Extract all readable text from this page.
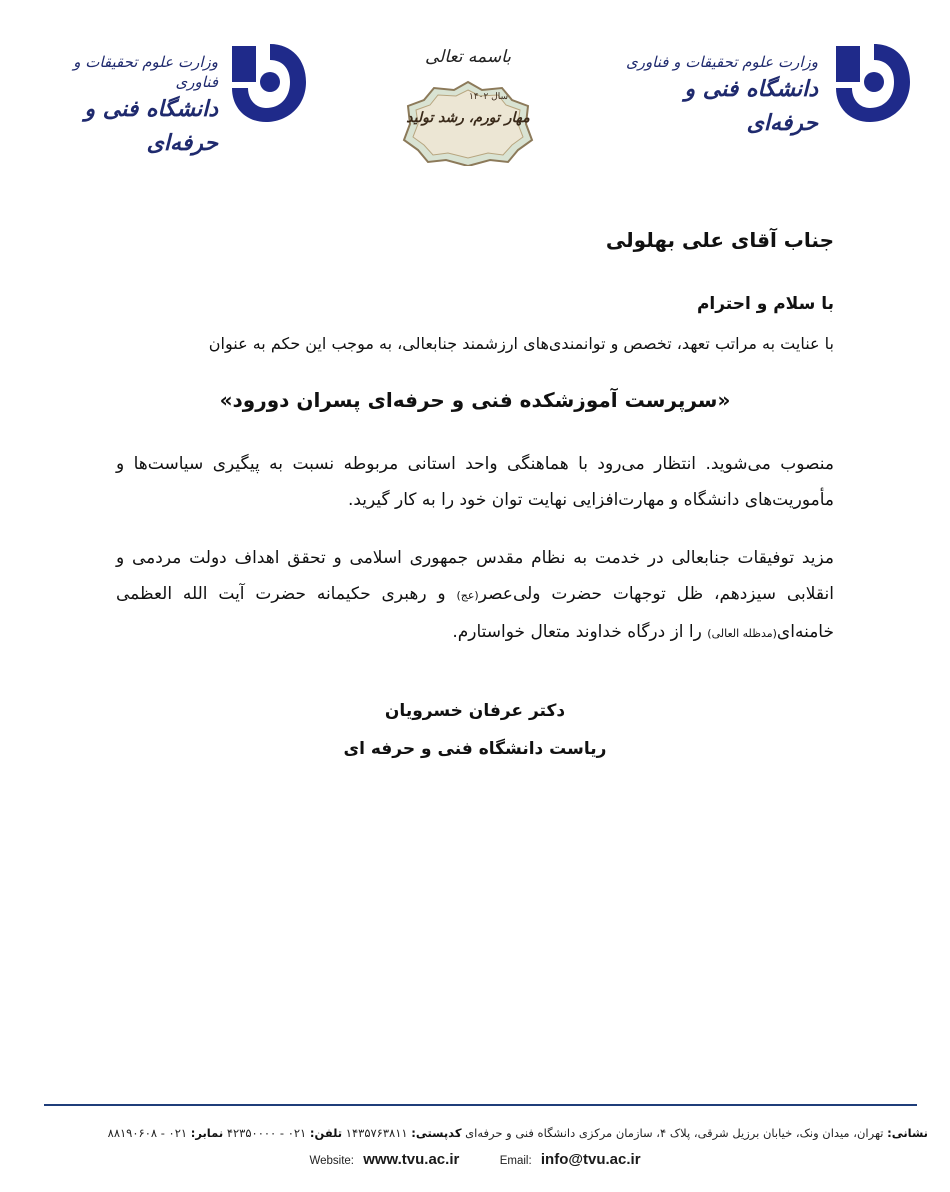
وزارت علوم تحقیقات و فناوری
دانشگاه فنی و حرفه‌ای
باسمه تعالی
سال ۱۴۰۲
مهار تورم، رشد تولید
وزارت علوم تحقیقات و فناوری
دانشگاه فنی و حرفه‌ای
جناب آقای علی بهلولی
با سلام و احترام
با عنایت به مراتب تعهد، تخصص و توانمندی‌های ارزشمند جنابعالی، به موجب این حکم به عنوان
«سرپرست آموزشکده فنی و حرفه‌ای پسران دورود»
منصوب می‌شوید. انتظار می‌رود با هماهنگی واحد استانی مربوطه نسبت به پیگیری سیاست‌ها و مأموریت‌های دانشگاه و مهارت‌افزایی نهایت توان خود را به کار گیرید.
مزید توفیقات جنابعالی در خدمت به نظام مقدس جمهوری اسلامی و تحقق اهداف دولت مردمی و انقلابی سیزدهم، ظل توجهات حضرت ولی‌عصر(عج) و رهبری حکیمانه حضرت آیت الله العظمی خامنه‌ای(مدظله العالی) را از درگاه خداوند متعال خواستارم.
دکتر عرفان خسرویان
ریاست دانشگاه فنی و حرفه ای
نشانی: تهران، میدان ونک، خیابان برزیل شرقی، پلاک ۴، سازمان مرکزی دانشگاه فنی و حرفه‌ای کدپستی: ۱۴۳۵۷۶۳۸۱۱ تلفن: ۰۲۱ - ۴۲۳۵۰۰۰۰ نمابر: ۰۲۱ - ۸۸۱۹۰۶۰۸
Website: www.tvu.ac.ir	Email: info@tvu.ac.ir
